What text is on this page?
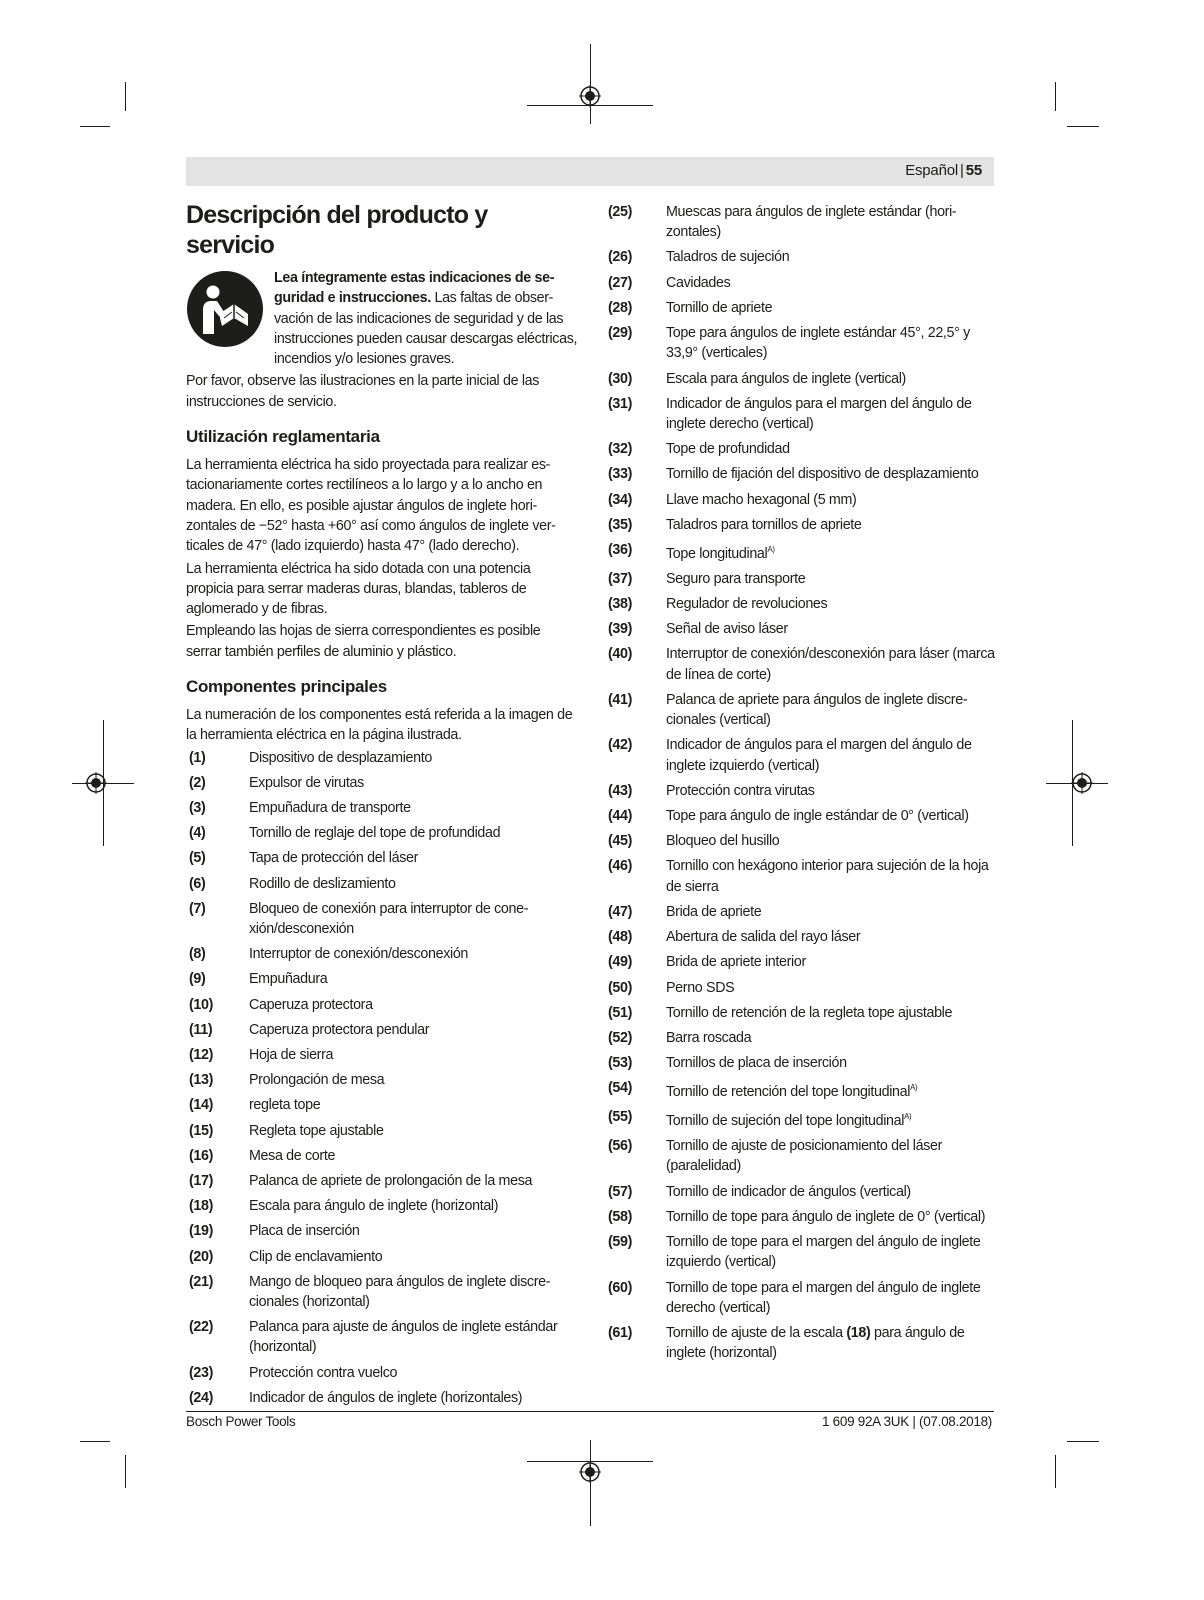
Español | 55
Descripción del producto y servicio
Lea íntegramente estas indicaciones de seguridad e instrucciones. Las faltas de observación de las indicaciones de seguridad y de las instrucciones pueden causar descargas eléctricas, incendios y/o lesiones graves.

Por favor, observe las ilustraciones en la parte inicial de las instrucciones de servicio.

Utilización reglamentaria

La herramienta eléctrica ha sido proyectada para realizar estacionariamente cortes rectilíneos a lo largo y a lo ancho en madera. En ello, es posible ajustar ángulos de inglete horizontales de −52° hasta +60° así como ángulos de inglete verticales de 47° (lado izquierdo) hasta 47° (lado derecho).

La herramienta eléctrica ha sido dotada con una potencia propicia para serrar maderas duras, blandas, tableros de aglomerado y de fibras.

Empleando las hojas de sierra correspondientes es posible serrar también perfiles de aluminio y plástico.

Componentes principales

La numeración de los componentes está referida a la imagen de la herramienta eléctrica en la página ilustrada.

(1)	Dispositivo de desplazamiento
(2)	Expulsor de virutas
(3)	Empuñadura de transporte
(4)	Tornillo de reglaje del tope de profundidad
(5)	Tapa de protección del láser
(6)	Rodillo de deslizamiento
(7)	Bloqueo de conexión para interruptor de conexión/desconexión
(8)	Interruptor de conexión/desconexión
(9)	Empuñadura
(10)	Caperuza protectora
(11)	Caperuza protectora pendular
(12)	Hoja de sierra
(13)	Prolongación de mesa
(14)	regleta tope
(15)	Regleta tope ajustable
(16)	Mesa de corte
(17)	Palanca de apriete de prolongación de la mesa
(18)	Escala para ángulo de inglete (horizontal)
(19)	Placa de inserción
(20)	Clip de enclavamiento
(21)	Mango de bloqueo para ángulos de inglete discrecionales (horizontal)
(22)	Palanca para ajuste de ángulos de inglete estándar (horizontal)
(23)	Protección contra vuelco
(24)	Indicador de ángulos de inglete (horizontales)
(25)	Muescas para ángulos de inglete estándar (horizontales)
(26)	Taladros de sujeción
(27)	Cavidades
(28)	Tornillo de apriete
(29)	Tope para ángulos de inglete estándar 45°, 22,5° y 33,9° (verticales)
(30)	Escala para ángulos de inglete (vertical)
(31)	Indicador de ángulos para el margen del ángulo de inglete derecho (vertical)
(32)	Tope de profundidad
(33)	Tornillo de fijación del dispositivo de desplazamiento
(34)	Llave macho hexagonal (5 mm)
(35)	Taladros para tornillos de apriete
(36)	Tope longitudinal$^{A)}$
(37)	Seguro para transporte
(38)	Regulador de revoluciones
(39)	Señal de aviso láser
(40)	Interruptor de conexión/desconexión para láser (marca de línea de corte)
(41)	Palanca de apriete para ángulos de inglete discrecionales (vertical)
(42)	Indicador de ángulos para el margen del ángulo de inglete izquierdo (vertical)
(43)	Protección contra virutas
(44)	Tope para ángulo de ingle estándar de 0° (vertical)
(45)	Bloqueo del husillo
(46)	Tornillo con hexágono interior para sujeción de la hoja de sierra
(47)	Brida de apriete
(48)	Abertura de salida del rayo láser
(49)	Brida de apriete interior
(50)	Perno SDS
(51)	Tornillo de retención de la regleta tope ajustable
(52)	Barra roscada
(53)	Tornillos de placa de inserción
(54)	Tornillo de retención del tope longitudinal$^{A)}$
(55)	Tornillo de sujeción del tope longitudinal$^{A)}$
(56)	Tornillo de ajuste de posicionamiento del láser (paralelidad)
(57)	Tornillo de indicador de ángulos (vertical)
(58)	Tornillo de tope para ángulo de inglete de 0° (vertical)
(59)	Tornillo de tope para el margen del ángulo de inglete izquierdo (vertical)
(60)	Tornillo de tope para el margen del ángulo de inglete derecho (vertical)
(61)	Tornillo de ajuste de la escala (18) para ángulo de inglete (horizontal)
Bosch Power Tools	1 609 92A 3UK | (07.08.2018)
